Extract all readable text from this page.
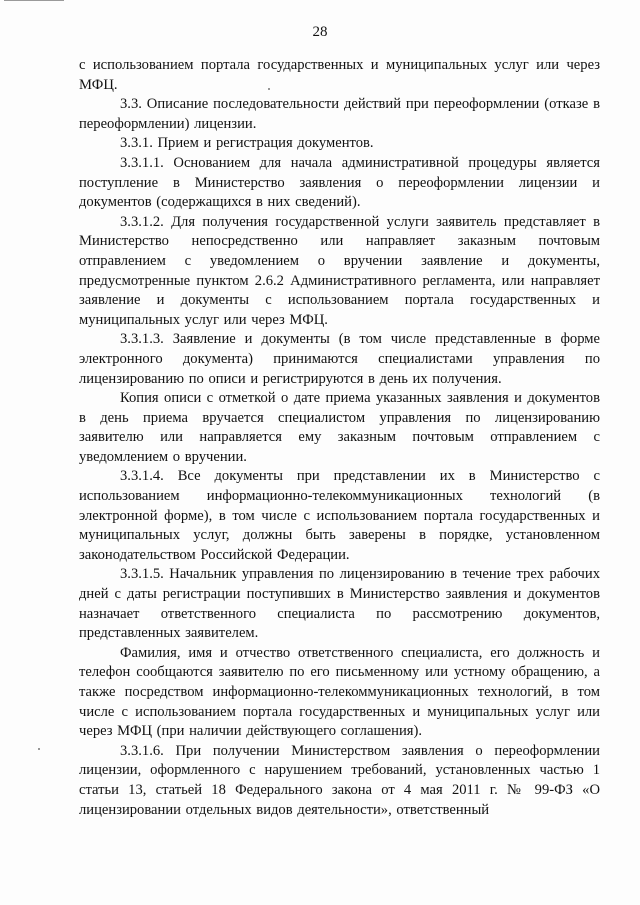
28

с использованием портала государственных и муниципальных услуг или через МФЦ.

3.3. Описание последовательности действий при переоформлении (отказе в переоформлении) лицензии.

3.3.1. Прием и регистрация документов.

3.3.1.1. Основанием для начала административной процедуры является поступление в Министерство заявления о переоформлении лицензии и документов (содержащихся в них сведений).

3.3.1.2. Для получения государственной услуги заявитель представляет в Министерство непосредственно или направляет заказным почтовым отправлением с уведомлением о вручении заявление и документы, предусмотренные пунктом 2.6.2 Административного регламента, или направляет заявление и документы с использованием портала государственных и муниципальных услуг или через МФЦ.

3.3.1.3. Заявление и документы (в том числе представленные в форме электронного документа) принимаются специалистами управления по лицензированию по описи и регистрируются в день их получения.

Копия описи с отметкой о дате приема указанных заявления и документов в день приема вручается специалистом управления по лицензированию заявителю или направляется ему заказным почтовым отправлением с уведомлением о вручении.

3.3.1.4. Все документы при представлении их в Министерство с использованием информационно-телекоммуникационных технологий (в электронной форме), в том числе с использованием портала государственных и муниципальных услуг, должны быть заверены в порядке, установленном законодательством Российской Федерации.

3.3.1.5. Начальник управления по лицензированию в течение трех рабочих дней с даты регистрации поступивших в Министерство заявления и документов назначает ответственного специалиста по рассмотрению документов, представленных заявителем.

Фамилия, имя и отчество ответственного специалиста, его должность и телефон сообщаются заявителю по его письменному или устному обращению, а также посредством информационно-телекоммуникационных технологий, в том числе с использованием портала государственных и муниципальных услуг или через МФЦ (при наличии действующего соглашения).

3.3.1.6. При получении Министерством заявления о переоформлении лицензии, оформленного с нарушением требований, установленных частью 1 статьи 13, статьей 18 Федерального закона от 4 мая 2011 г. № 99-ФЗ «О лицензировании отдельных видов деятельности», ответственный
